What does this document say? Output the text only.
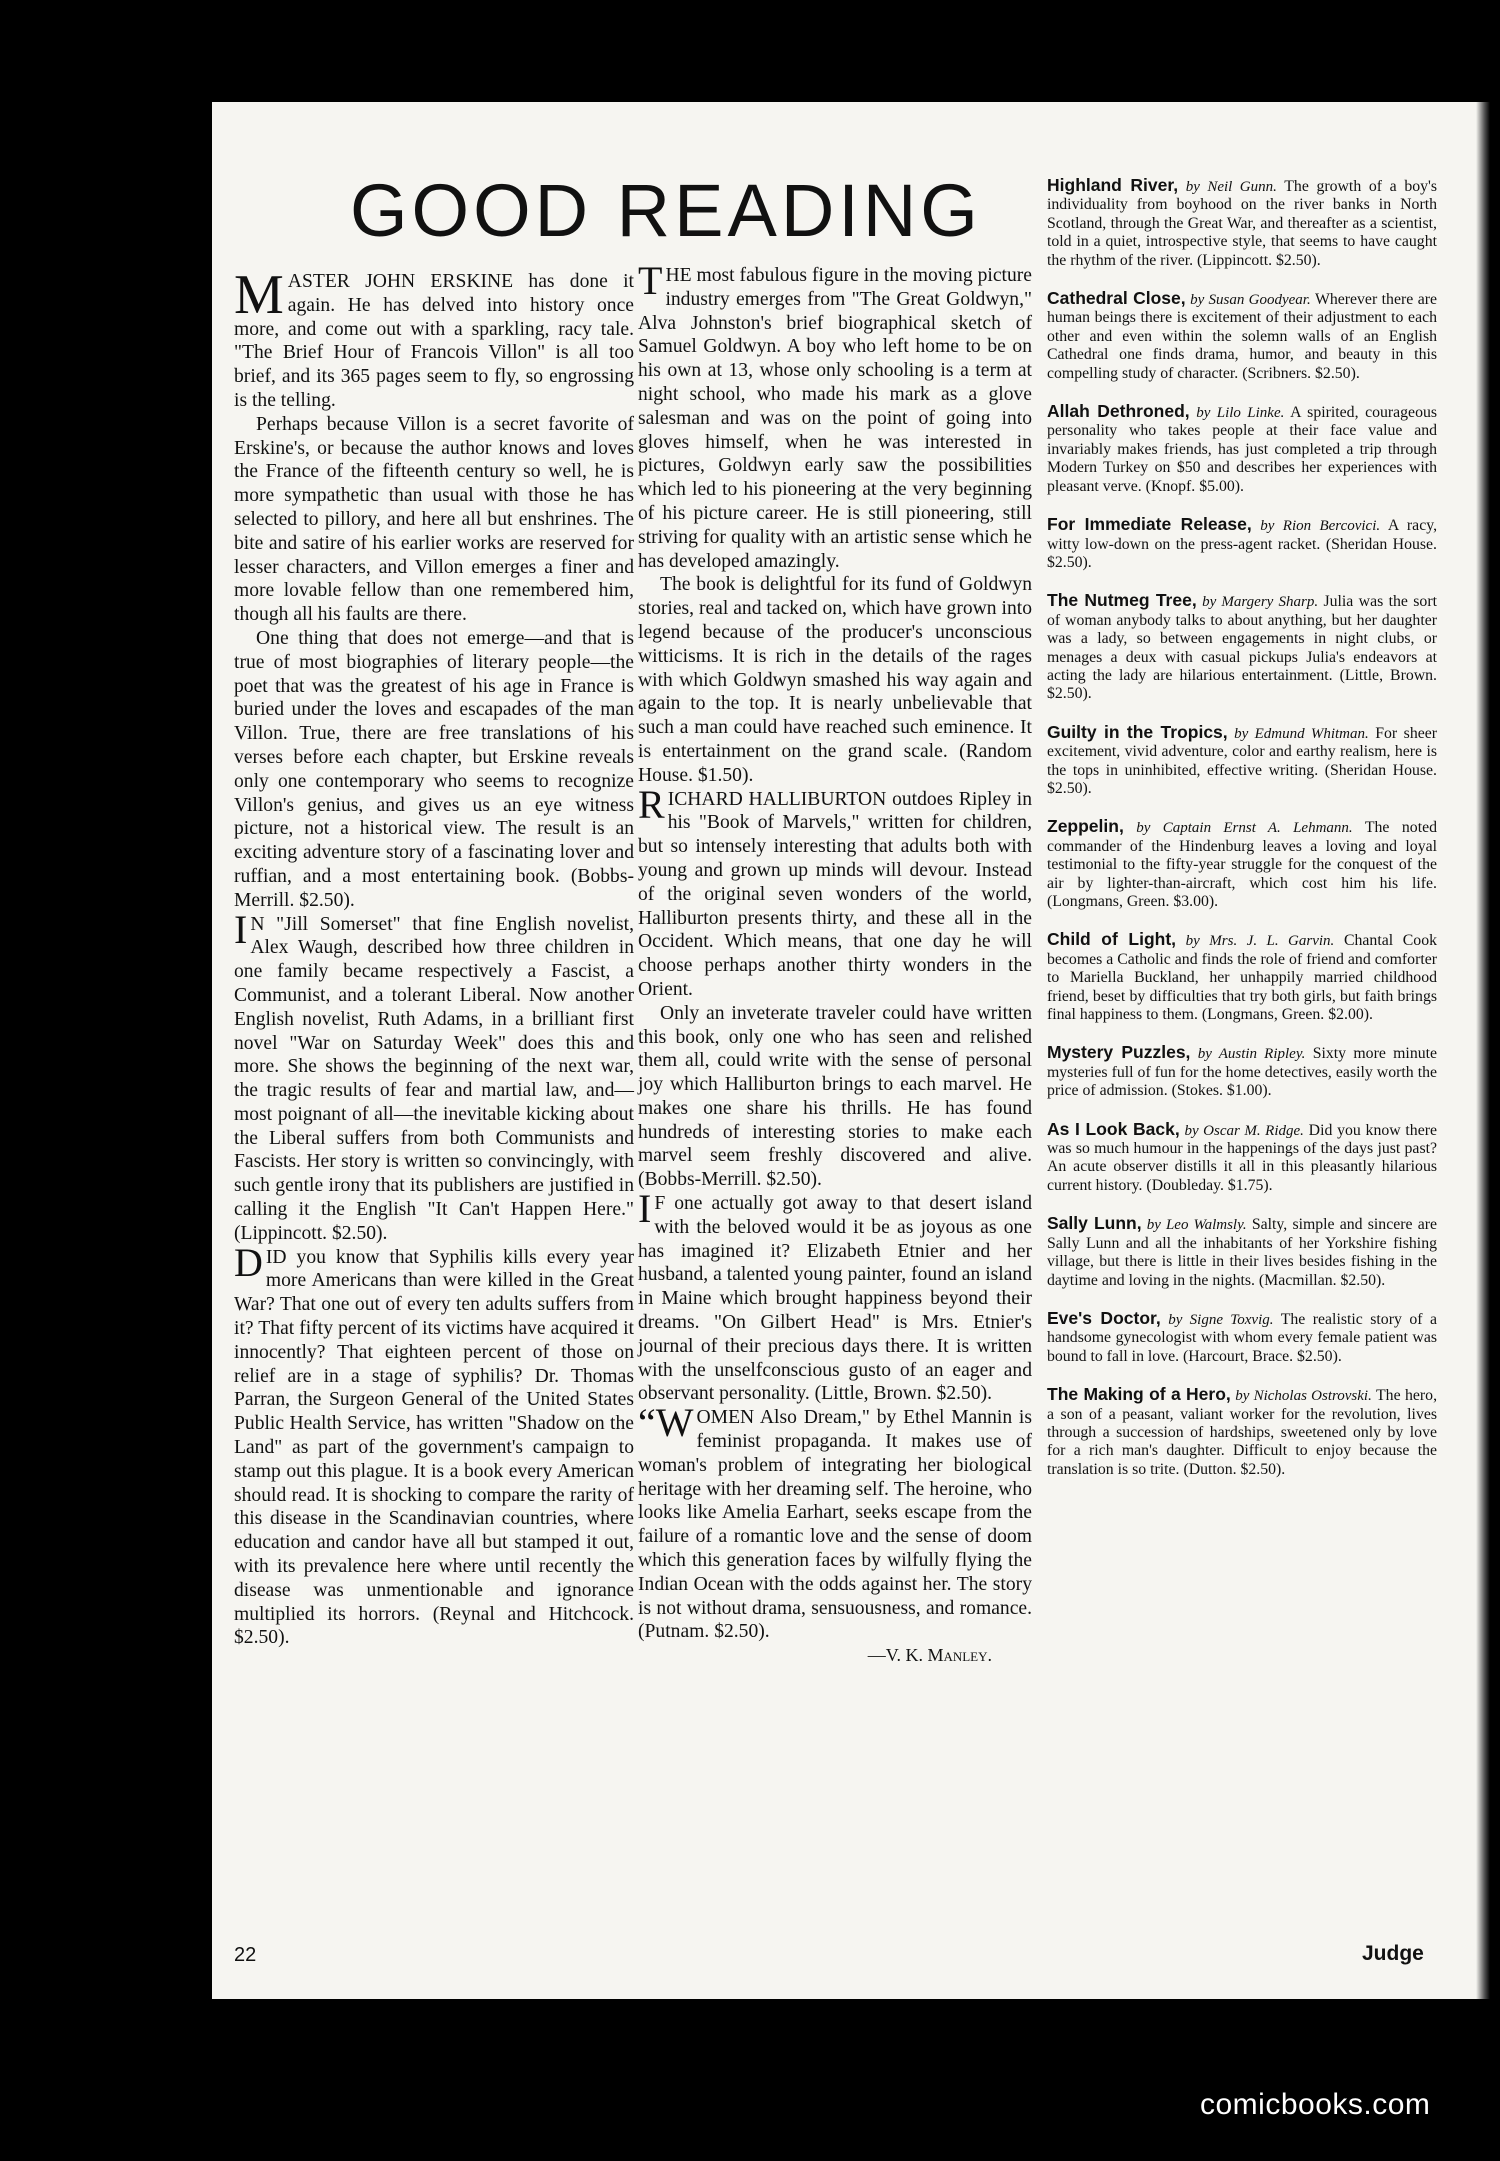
GOOD READING

MASTER JOHN ERSKINE has done it again. He has delved into history once more, and come out with a sparkling, racy tale. "The Brief Hour of Francois Villon" is all too brief, and its 365 pages seem to fly, so engrossing is the telling.

Perhaps because Villon is a secret favorite of Erskine's, or because the author knows and loves the France of the fifteenth century so well, he is more sympathetic than usual with those he has selected to pillory, and here all but enshrines. The bite and satire of his earlier works are reserved for lesser characters, and Villon emerges a finer and more lovable fellow than one remembered him, though all his faults are there.

One thing that does not emerge—and that is true of most biographies of literary people—the poet that was the greatest of his age in France is buried under the loves and escapades of the man Villon. True, there are free translations of his verses before each chapter, but Erskine reveals only one contemporary who seems to recognize Villon's genius, and gives us an eye witness picture, not a historical view. The result is an exciting adventure story of a fascinating lover and ruffian, and a most entertaining book. (Bobbs-Merrill. $2.50).

I N "Jill Somerset" that fine English novelist, Alex Waugh, described how three children in one family became respectively a Fascist, a Communist, and a tolerant Liberal. Now another English novelist, Ruth Adams, in a brilliant first novel "War on Saturday Week" does this and more. She shows the beginning of the next war, the tragic results of fear and martial law, and—most poignant of all—the inevitable kicking about the Liberal suffers from both Communists and Fascists. Her story is written so convincingly, with such gentle irony that its publishers are justified in calling it the English "It Can't Happen Here." (Lippincott. $2.50).

DID you know that Syphilis kills every year more Americans than were killed in the Great War? That one out of every ten adults suffers from it? That fifty percent of its victims have acquired it innocently? That eighteen percent of those on relief are in a stage of syphilis? Dr. Thomas Parran, the Surgeon General of the United States Public Health Service, has written "Shadow on the Land" as part of the government's campaign to stamp out this plague. It is a book every American should read. It is shocking to compare the rarity of this disease in the Scandinavian countries, where education and candor have all but stamped it out, with its prevalence here where until recently the disease was unmentionable and ignorance multiplied its horrors. (Reynal and Hitchcock. $2.50).

THE most fabulous figure in the moving picture industry emerges from "The Great Goldwyn," Alva Johnston's brief biographical sketch of Samuel Goldwyn. A boy who left home to be on his own at 13, whose only schooling is a term at night school, who made his mark as a glove salesman and was on the point of going into gloves himself, when he was interested in pictures, Goldwyn early saw the possibilities which led to his pioneering at the very beginning of his picture career. He is still pioneering, still striving for quality with an artistic sense which he has developed amazingly.

The book is delightful for its fund of Goldwyn stories, real and tacked on, which have grown into legend because of the producer's unconscious witticisms. It is rich in the details of the rages with which Goldwyn smashed his way again and again to the top. It is nearly unbelievable that such a man could have reached such eminence. It is entertainment on the grand scale. (Random House. $1.50).

RICHARD HALLIBURTON outdoes Ripley in his "Book of Marvels," written for children, but so intensely interesting that adults both with young and grown up minds will devour. Instead of the original seven wonders of the world, Halliburton presents thirty, and these all in the Occident. Which means, that one day he will choose perhaps another thirty wonders in the Orient.

Only an inveterate traveler could have written this book, only one who has seen and relished them all, could write with the sense of personal joy which Halliburton brings to each marvel. He makes one share his thrills. He has found hundreds of interesting stories to make each marvel seem freshly discovered and alive. (Bobbs-Merrill. $2.50).

I F one actually got away to that desert island with the beloved would it be as joyous as one has imagined it? Elizabeth Etnier and her husband, a talented young painter, found an island in Maine which brought happiness beyond their dreams. "On Gilbert Head" is Mrs. Etnier's journal of their precious days there. It is written with the unselfconscious gusto of an eager and observant personality. (Little, Brown. $2.50).

“WOMEN Also Dream," by Ethel Mannin is feminist propaganda. It makes use of woman's problem of integrating her biological heritage with her dreaming self. The heroine, who looks like Amelia Earhart, seeks escape from the failure of a romantic love and the sense of doom which this generation faces by wilfully flying the Indian Ocean with the odds against her. The story is not without drama, sensuousness, and romance. (Putnam. $2.50).

—V. K. Manley.

Highland River, by Neil Gunn. The growth of a boy's individuality from boyhood on the river banks in North Scotland, through the Great War, and thereafter as a scientist, told in a quiet, introspective style, that seems to have caught the rhythm of the river. (Lippincott. $2.50).

Cathedral Close, by Susan Goodyear. Wherever there are human beings there is excitement of their adjustment to each other and even within the solemn walls of an English Cathedral one finds drama, humor, and beauty in this compelling study of character. (Scribners. $2.50).

Allah Dethroned, by Lilo Linke. A spirited, courageous personality who takes people at their face value and invariably makes friends, has just completed a trip through Modern Turkey on $50 and describes her experiences with pleasant verve. (Knopf. $5.00).

For Immediate Release, by Rion Bercovici. A racy, witty low-down on the press-agent racket. (Sheridan House. $2.50).

The Nutmeg Tree, by Margery Sharp. Julia was the sort of woman anybody talks to about anything, but her daughter was a lady, so between engagements in night clubs, or menages a deux with casual pickups Julia's endeavors at acting the lady are hilarious entertainment. (Little, Brown. $2.50).

Guilty in the Tropics, by Edmund Whitman. For sheer excitement, vivid adventure, color and earthy realism, here is the tops in uninhibited, effective writing. (Sheridan House. $2.50).

Zeppelin, by Captain Ernst A. Lehmann. The noted commander of the Hindenburg leaves a loving and loyal testimonial to the fifty-year struggle for the conquest of the air by lighter-than-aircraft, which cost him his life. (Longmans, Green. $3.00).

Child of Light, by Mrs. J. L. Garvin. Chantal Cook becomes a Catholic and finds the role of friend and comforter to Mariella Buckland, her unhappily married childhood friend, beset by difficulties that try both girls, but faith brings final happiness to them. (Longmans, Green. $2.00).

Mystery Puzzles, by Austin Ripley. Sixty more minute mysteries full of fun for the home detectives, easily worth the price of admission. (Stokes. $1.00).

As I Look Back, by Oscar M. Ridge. Did you know there was so much humour in the happenings of the days just past? An acute observer distills it all in this pleasantly hilarious current history. (Doubleday. $1.75).

Sally Lunn, by Leo Walmsly. Salty, simple and sincere are Sally Lunn and all the inhabitants of her Yorkshire fishing village, but there is little in their lives besides fishing in the daytime and loving in the nights. (Macmillan. $2.50).

Eve's Doctor, by Signe Toxvig. The realistic story of a handsome gynecologist with whom every female patient was bound to fall in love. (Harcourt, Brace. $2.50).

The Making of a Hero, by Nicholas Ostrovski. The hero, a son of a peasant, valiant worker for the revolution, lives through a succession of hardships, sweetened only by love for a rich man's daughter. Difficult to enjoy because the translation is so trite. (Dutton. $2.50).

22	Judge
comicbooks.com
